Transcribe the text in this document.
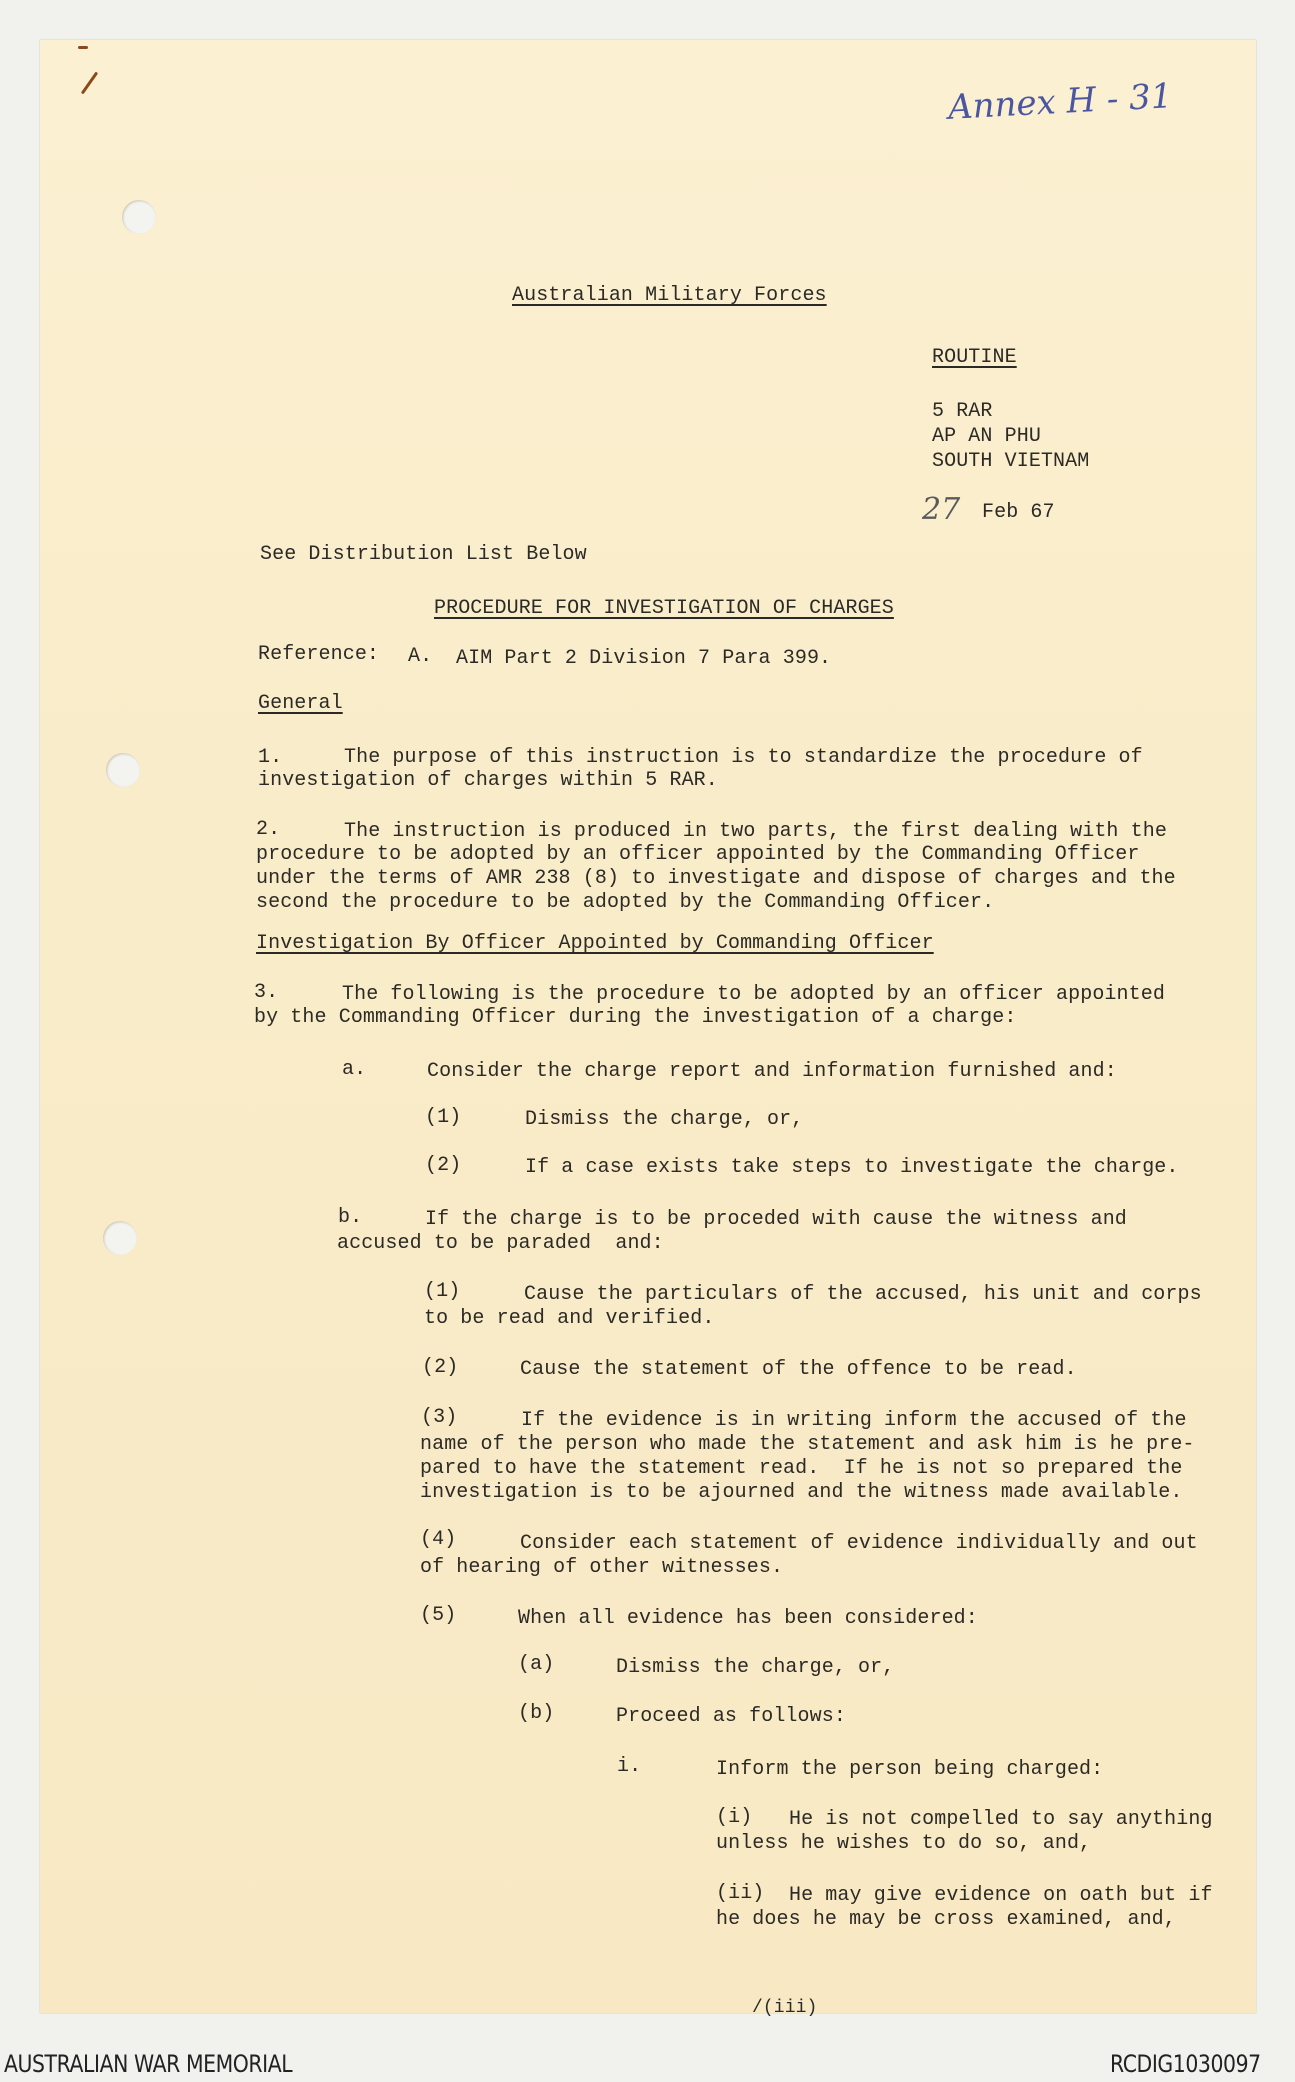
Annex H - 31
Australian Military Forces
ROUTINE
5 RAR
AP AN PHU
SOUTH VIETNAM
27 Feb 67
See Distribution List Below
PROCEDURE FOR INVESTIGATION OF CHARGES
Reference: A. AIM Part 2 Division 7 Para 399.
General
1.	The purpose of this instruction is to standardize the procedure of
investigation of charges within 5 RAR.
2.	The instruction is produced in two parts, the first dealing with the
procedure to be adopted by an officer appointed by the Commanding Officer
under the terms of AMR 238 (8) to investigate and dispose of charges and the
second the procedure to be adopted by the Commanding Officer.
Investigation By Officer Appointed by Commanding Officer
3.	The following is the procedure to be adopted by an officer appointed
by the Commanding Officer during the investigation of a charge:
a.	Consider the charge report and information furnished and:
(1)	Dismiss the charge, or,
(2)	If a case exists take steps to investigate the charge.
b.	If the charge is to be proceded with cause the witness and
accused to be paraded  and:
(1)	Cause the particulars of the accused, his unit and corps
to be read and verified.
(2)	Cause the statement of the offence to be read.
(3)	If the evidence is in writing inform the accused of the
name of the person who made the statement and ask him is he pre-
pared to have the statement read.  If he is not so prepared the
investigation is to be ajourned and the witness made available.
(4)	Consider each statement of evidence individually and out
of hearing of other witnesses.
(5)	When all evidence has been considered:
(a)	Dismiss the charge, or,
(b)	Proceed as follows:
i.	Inform the person being charged:
(i) He is not compelled to say anything
unless he wishes to do so, and,
(ii) He may give evidence on oath but if
he does he may be cross examined, and,
/(iii)
AUSTRALIAN WAR MEMORIAL	RCDIG1030097
